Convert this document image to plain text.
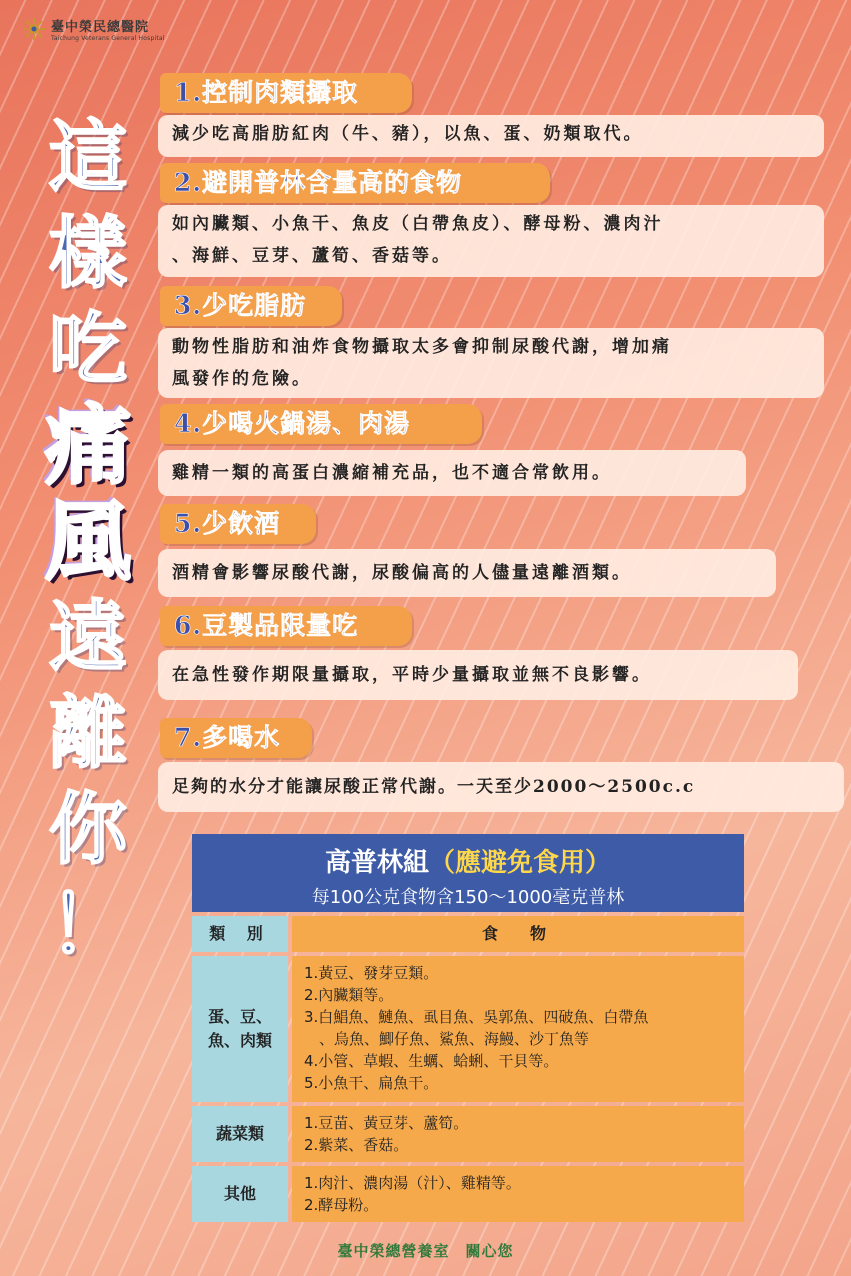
臺中榮民總醫院
Taichung Veterans General Hospital
這
樣
吃
痛
風
遠
離
你
！
1.控制肉類攝取
減少吃高脂肪紅肉（牛、豬），以魚、蛋、奶類取代。
2.避開普林含量高的食物
如內臟類、小魚干、魚皮（白帶魚皮）、酵母粉、濃肉汁
、海鮮、豆芽、蘆筍、香菇等。
3.少吃脂肪
動物性脂肪和油炸食物攝取太多會抑制尿酸代謝，增加痛
風發作的危險。
4.少喝火鍋湯、肉湯
雞精一類的高蛋白濃縮補充品，也不適合常飲用。
5.少飲酒
酒精會影響尿酸代謝，尿酸偏高的人儘量遠離酒類。
6.豆製品限量吃
在急性發作期限量攝取，平時少量攝取並無不良影響。
7.多喝水
足夠的水分才能讓尿酸正常代謝。一天至少2000～2500c.c
高普林組（應避免食用）
每100公克食物含150～1000毫克普林
類 別	食　物
蛋、豆、
魚、肉類
1.黃豆、發芽豆類。
2.內臟類等。
3.白鯧魚、鰱魚、虱目魚、吳郭魚、四破魚、白帶魚
　、烏魚、鯽仔魚、鯊魚、海鰻、沙丁魚等
4.小管、草蝦、生蠣、蛤蜊、干貝等。
5.小魚干、扁魚干。
蔬菜類
1.豆苗、黃豆芽、蘆筍。
2.紫菜、香菇。
其他
1.肉汁、濃肉湯（汁）、雞精等。
2.酵母粉。
臺中榮總營養室　關心您
